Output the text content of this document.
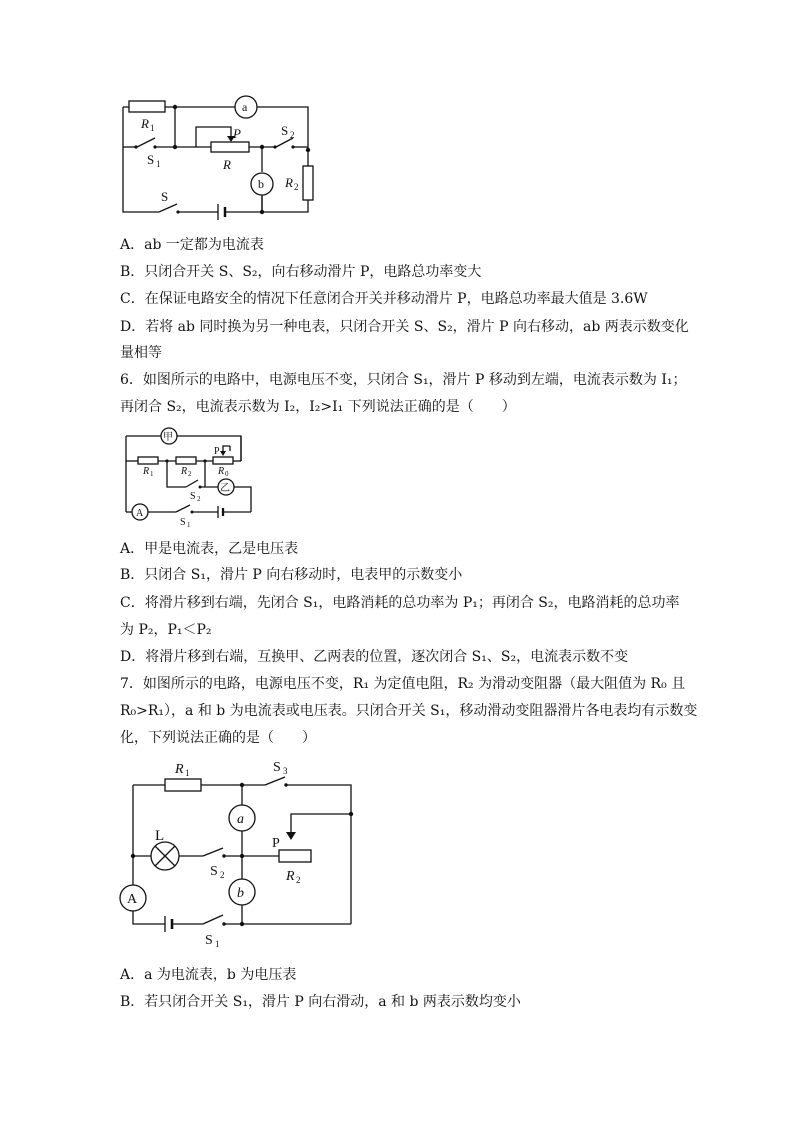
R 1
a
P	S 2
S 1	R
b R 2
S
A．ab 一定都为电流表
B．只闭合开关 S、S₂，向右移动滑片 P，电路总功率变大
C．在保证电路安全的情况下任意闭合开关并移动滑片 P，电路总功率最大值是 3.6W
D．若将 ab 同时换为另一种电表，只闭合开关 S、S₂，滑片 P 向右移动，ab 两表示数变化
量相等
6．如图所示的电路中，电源电压不变，只闭合 S₁，滑片 P 移动到左端，电流表示数为 I₁；
再闭合 S₂，电流表示数为 I₂，I₂>I₁ 下列说法正确的是（　　）
甲
乙
P
R 1	R 2	R 0
S 2
A
S 1
A．甲是电流表，乙是电压表
B．只闭合 S₁，滑片 P 向右移动时，电表甲的示数变小
C．将滑片移到右端，先闭合 S₁，电路消耗的总功率为 P₁；再闭合 S₂，电路消耗的总功率
为 P₂，P₁＜P₂
D．将滑片移到右端，互换甲、乙两表的位置，逐次闭合 S₁、S₂，电流表示数不变
7．如图所示的电路，电源电压不变，R₁ 为定值电阻，R₂ 为滑动变阻器（最大阻值为 R₀ 且
R₀>R₁），a 和 b 为电流表或电压表。只闭合开关 S₁，移动滑动变阻器滑片各电表均有示数变
化，下列说法正确的是（　　）
R 1	S 3
a
L	P
S 2	R 2
b
A
S 1
A．a 为电流表，b 为电压表
B．若只闭合开关 S₁，滑片 P 向右滑动，a 和 b 两表示数均变小
